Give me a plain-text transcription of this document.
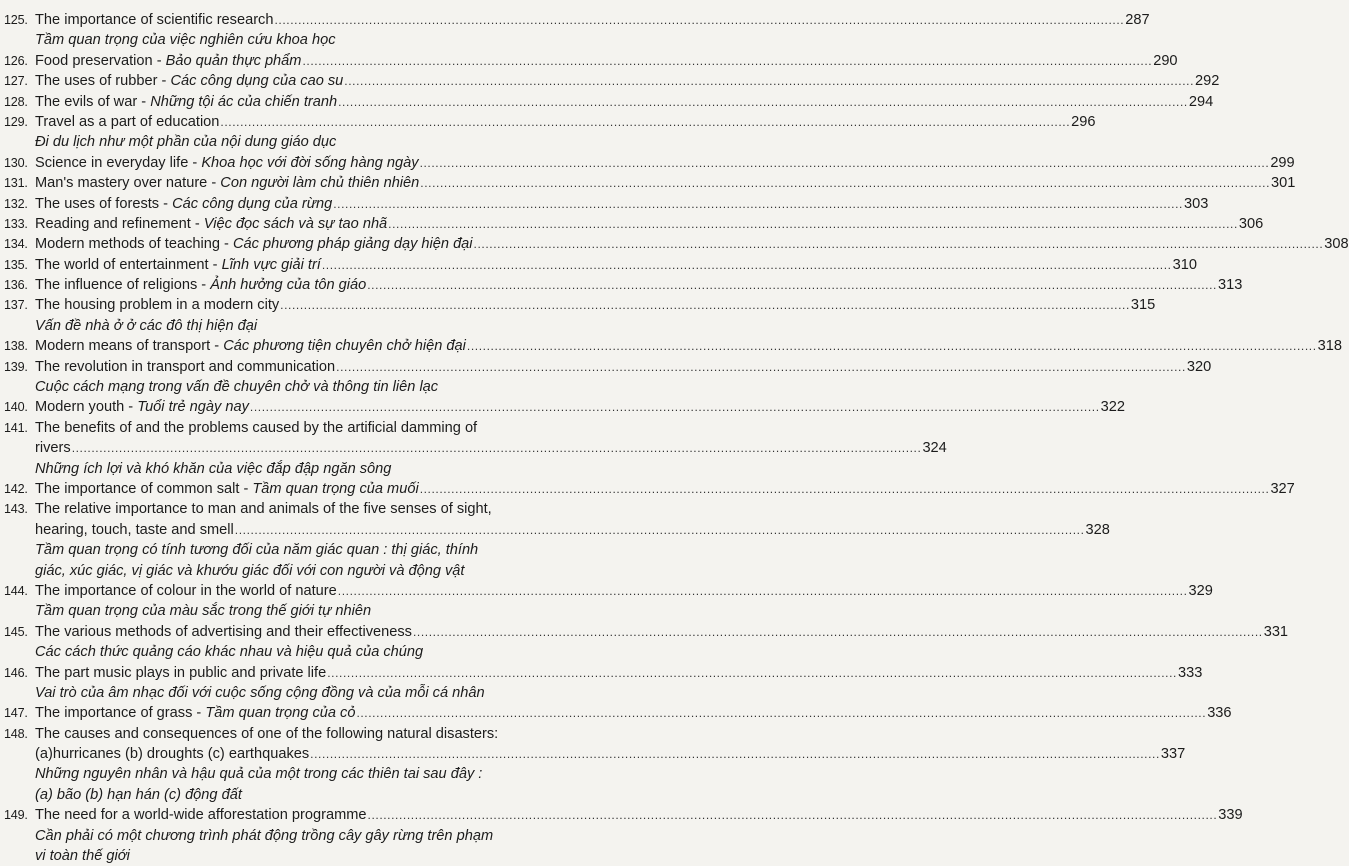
125. The importance of scientific research ........................................................................................................................................................................................................................ 287
Tầm quan trọng của việc nghiên cứu khoa học
126. Food preservation - Bảo quản thực phẩm ........................................................................................................................................................................................................................ 290
127. The uses of rubber - Các công dụng của cao su ........................................................................................................................................................................................................................ 292
128. The evils of war - Những tội ác của chiến tranh ........................................................................................................................................................................................................................ 294
129. Travel as a part of education ........................................................................................................................................................................................................................ 296
Đi du lịch như một phần của nội dung giáo dục
130. Science in everyday life - Khoa học với đời sống hàng ngày ........................................................................................................................................................................................................................ 299
131. Man's mastery over nature - Con người làm chủ thiên nhiên ........................................................................................................................................................................................................................ 301
132. The uses of forests - Các công dụng của rừng ........................................................................................................................................................................................................................ 303
133. Reading and refinement - Việc đọc sách và sự tao nhã ........................................................................................................................................................................................................................ 306
134. Modern methods of teaching - Các phương pháp giảng dạy hiện đại ........................................................................................................................................................................................................................ 308
135. The world of entertainment - Lĩnh vực giải trí ........................................................................................................................................................................................................................ 310
136. The influence of religions - Ảnh hưởng của tôn giáo ........................................................................................................................................................................................................................ 313
137. The housing problem in a modern city ........................................................................................................................................................................................................................ 315
Vấn đề nhà ở ở các đô thị hiện đại
138. Modern means of transport - Các phương tiện chuyên chở hiện đại ........................................................................................................................................................................................................................ 318
139. The revolution in transport and communication ........................................................................................................................................................................................................................ 320
Cuộc cách mạng trong vấn đề chuyên chở và thông tin liên lạc
140. Modern youth - Tuổi trẻ ngày nay ........................................................................................................................................................................................................................ 322
141. The benefits of and the problems caused by the artificial damming of
rivers ........................................................................................................................................................................................................................ 324
Những ích lợi và khó khăn của việc đắp đập ngăn sông
142. The importance of common salt - Tầm quan trọng của muối ........................................................................................................................................................................................................................ 327
143. The relative importance to man and animals of the five senses of sight,
hearing, touch, taste and smell ........................................................................................................................................................................................................................ 328
Tầm quan trọng có tính tương đối của năm giác quan : thị giác, thính
giác, xúc giác, vị giác và khướu giác đối với con người và động vật
144. The importance of colour in the world of nature ........................................................................................................................................................................................................................ 329
Tầm quan trọng của màu sắc trong thế giới tự nhiên
145. The various methods of advertising and their effectiveness ........................................................................................................................................................................................................................ 331
Các cách thức quảng cáo khác nhau và hiệu quả của chúng
146. The part music plays in public and private life ........................................................................................................................................................................................................................ 333
Vai trò của âm nhạc đối với cuộc sống cộng đồng và của mỗi cá nhân
147. The importance of grass - Tầm quan trọng của cỏ ........................................................................................................................................................................................................................ 336
148. The causes and consequences of one of the following natural disasters:
(a)hurricanes (b) droughts (c) earthquakes ........................................................................................................................................................................................................................ 337
Những nguyên nhân và hậu quả của một trong các thiên tai sau đây :
(a) bão (b) hạn hán (c) động đất
149. The need for a world-wide afforestation programme ........................................................................................................................................................................................................................ 339
Cần phải có một chương trình phát động trồng cây gây rừng trên phạm
vi toàn thế giới
